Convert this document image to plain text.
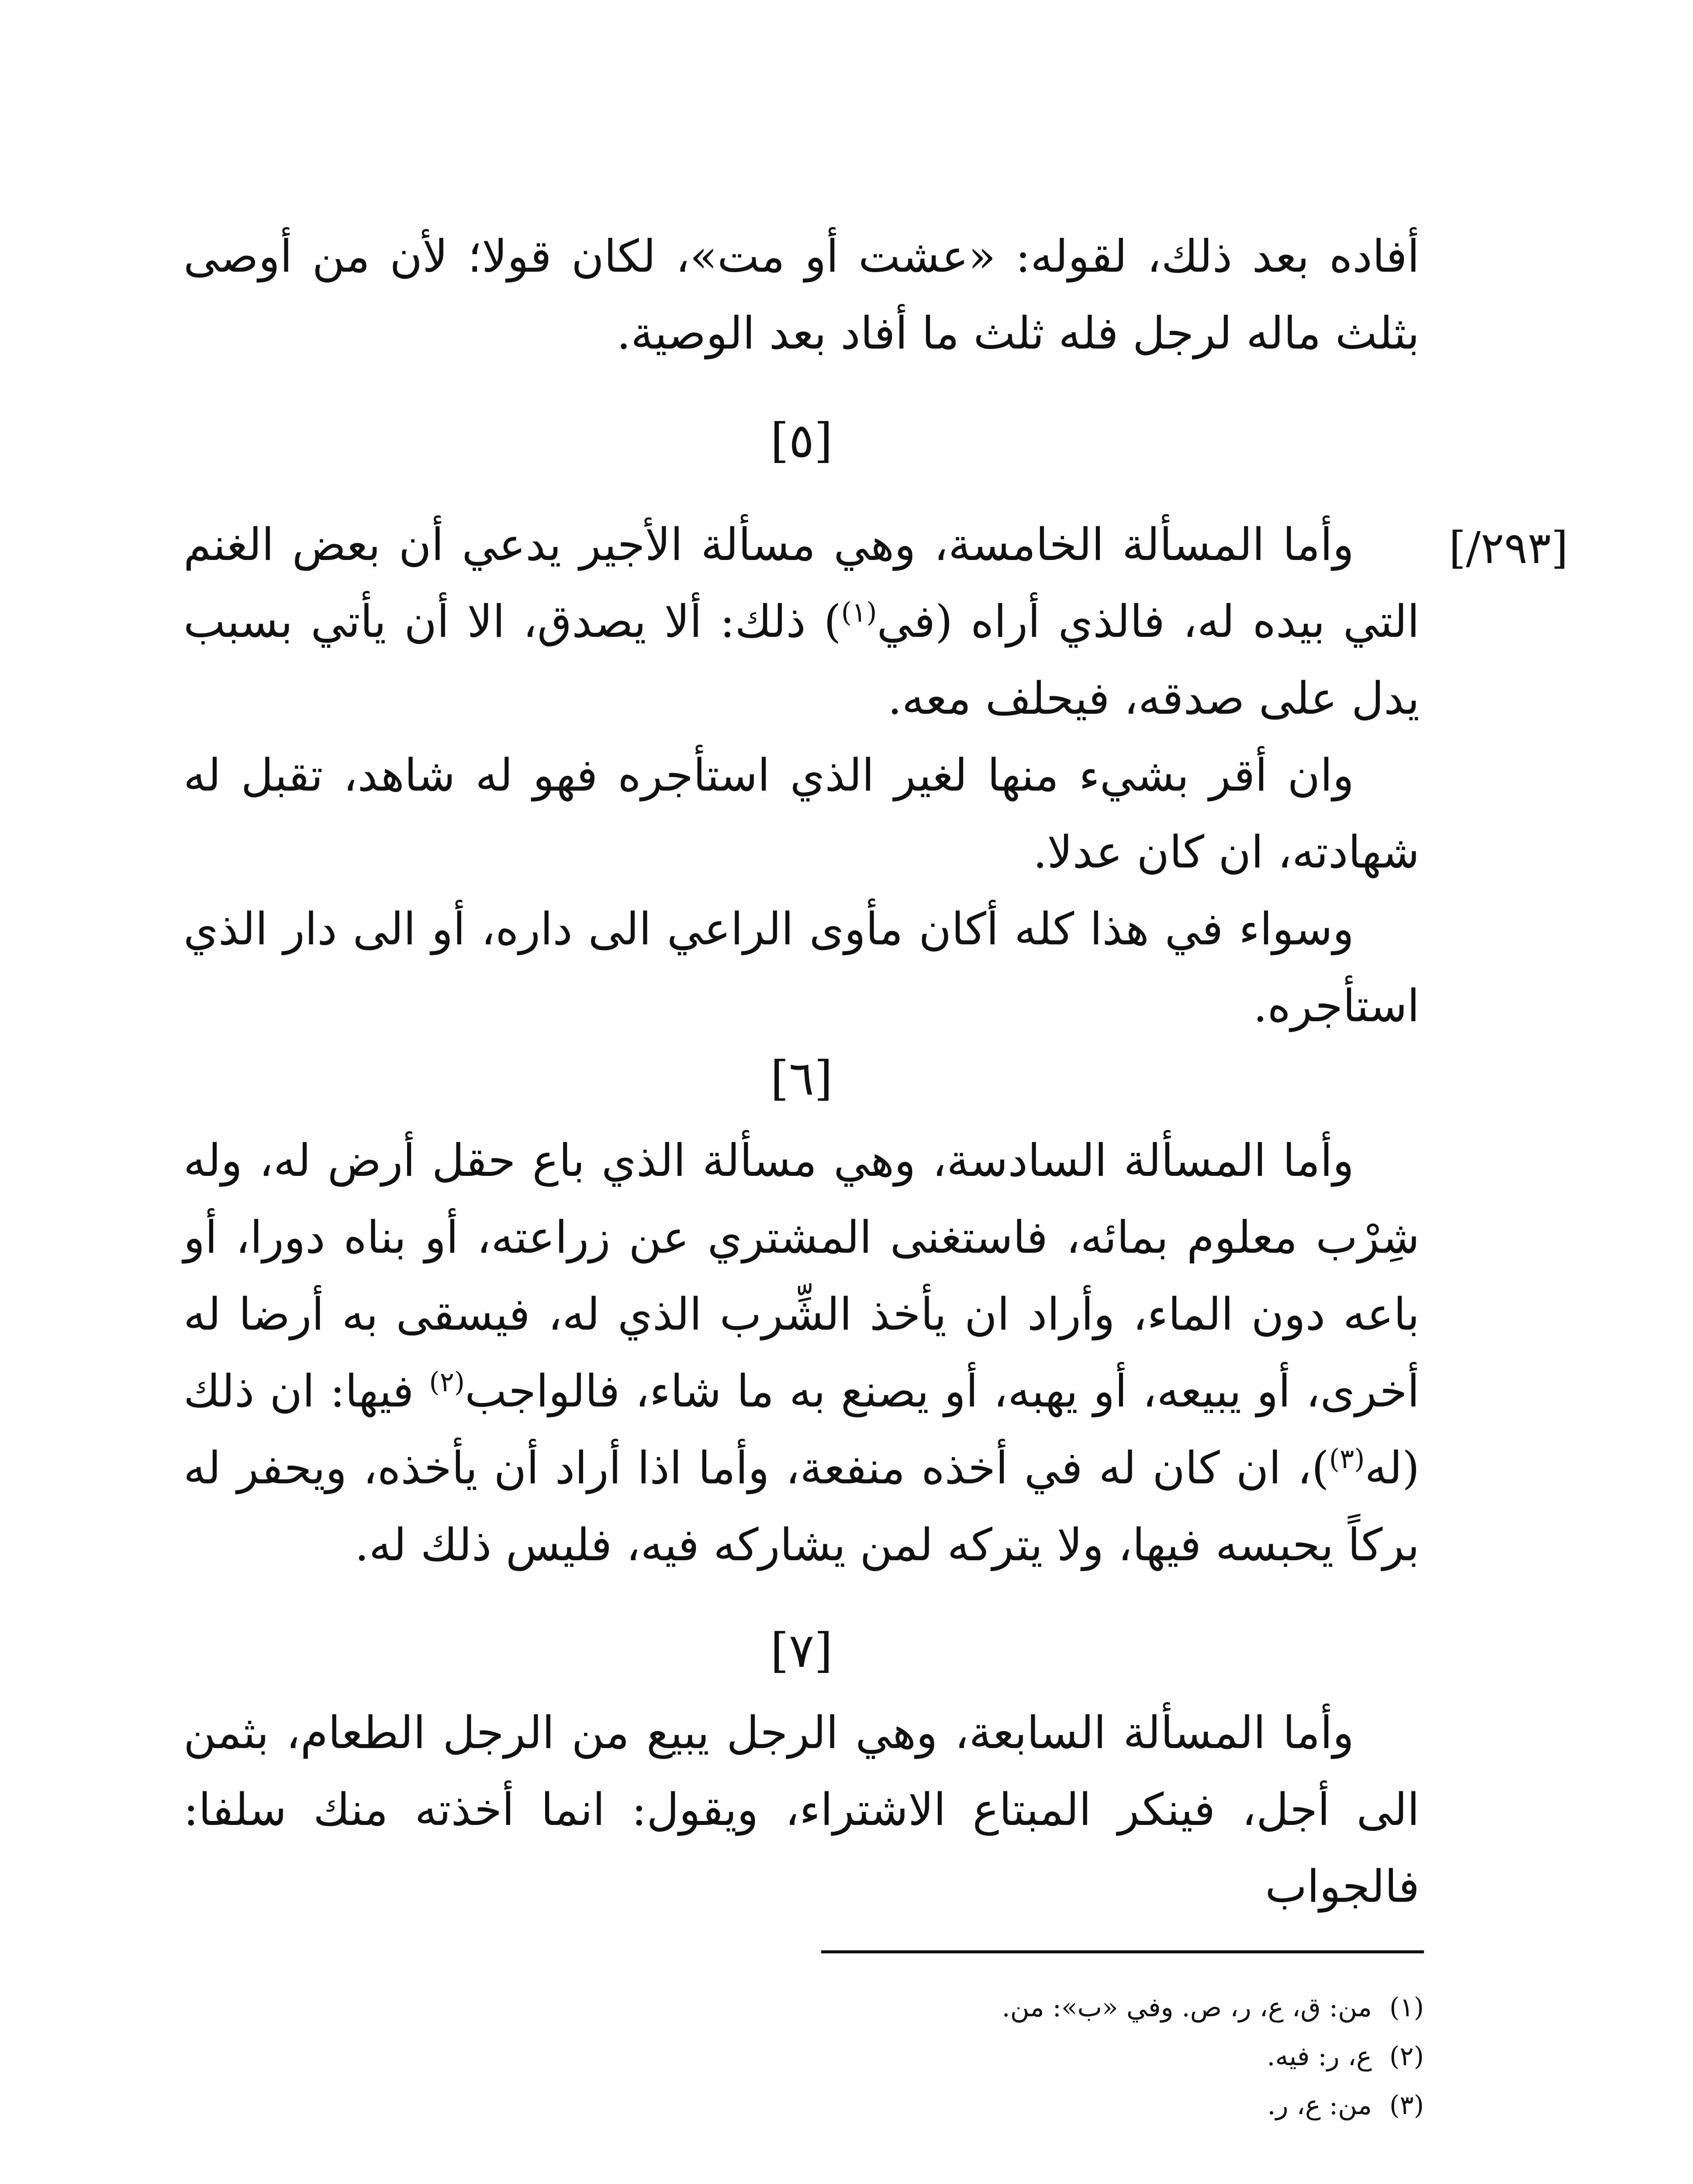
أفاده بعد ذلك، لقوله: «عشت أو مت»، لكان قولا؛ لأن من أوصى بثلث ماله لرجل فله ثلث ما أفاد بعد الوصية.

[٥]
[٢٩٣/]

وأما المسألة الخامسة، وهي مسألة الأجير يدعي أن بعض الغنم التي بيده له، فالذي أراه (في$^{(١)}$) ذلك: ألا يصدق، الا أن يأتي بسبب يدل على صدقه، فيحلف معه.

وان أقر بشيء منها لغير الذي استأجره فهو له شاهد، تقبل له شهادته، ان كان عدلا.

وسواء في هذا كله أكان مأوى الراعي الى داره، أو الى دار الذي استأجره.

[٦]

وأما المسألة السادسة، وهي مسألة الذي باع حقل أرض له، وله شِرْب معلوم بمائه، فاستغنى المشتري عن زراعته، أو بناه دورا، أو باعه دون الماء، وأراد ان يأخذ الشِّرب الذي له، فيسقى به أرضا له أخرى، أو يبيعه، أو يهبه، أو يصنع به ما شاء، فالواجب$^{(٢)}$ فيها: ان ذلك (له$^{(٣)}$)، ان كان له في أخذه منفعة، وأما اذا أراد أن يأخذه، ويحفر له بركاً يحبسه فيها، ولا يتركه لمن يشاركه فيه، فليس ذلك له.

[٧]

وأما المسألة السابعة، وهي الرجل يبيع من الرجل الطعام، بثمن الى أجل، فينكر المبتاع الاشتراء، ويقول: انما أخذته منك سلفا: فالجواب

(١)من: ق، ع، ر، ص. وفي «ب»: من.

(٢)ع، ر: فيه.

(٣)من: ع، ر.
